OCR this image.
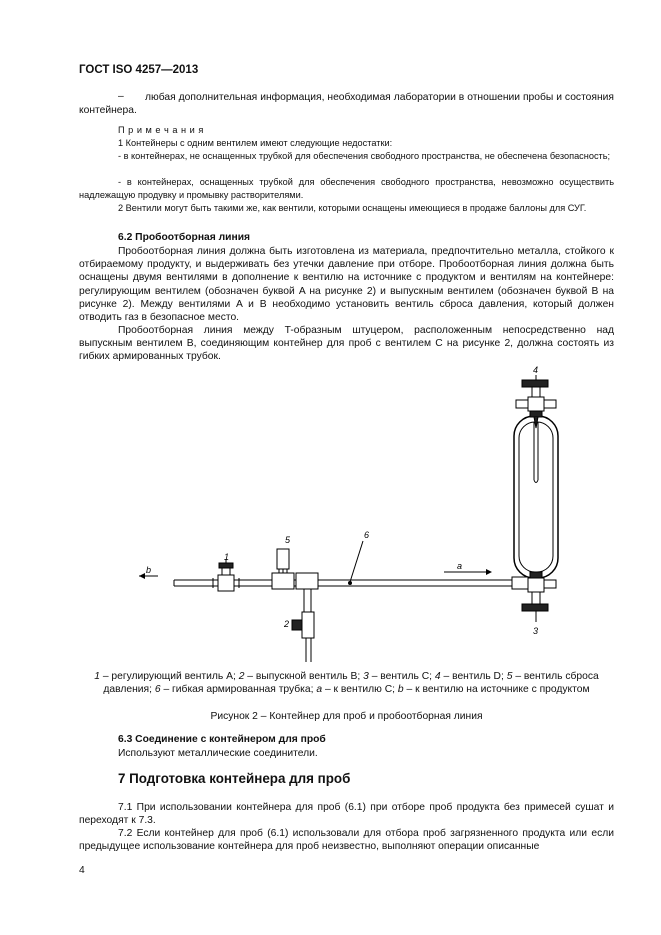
ГОСТ ISO 4257—2013
–	любая дополнительная информация, необходимая лаборатории в отношении пробы и состояния контейнера.
П р и м е ч а н и я
1 Контейнеры с одним вентилем имеют следующие недостатки:
- в контейнерах, не оснащенных трубкой для обеспечения свободного пространства, не обеспечена безопасность;
- в контейнерах, оснащенных трубкой для обеспечения свободного пространства, невозможно осуществить надлежащую продувку и промывку растворителями.
2 Вентили могут быть такими же, как вентили, которыми оснащены имеющиеся в продаже баллоны для СУГ.
6.2 Пробоотборная линия
Пробоотборная линия должна быть изготовлена из материала, предпочтительно металла, стойкого к отбираемому продукту, и выдерживать без утечки давление при отборе. Пробоотборная линия должна быть оснащены двумя вентилями в дополнение к вентилю на источнике с продуктом и вентилям на контейнере: регулирующим вентилем (обозначен буквой A на рисунке 2) и выпускным вентилем (обозначен буквой B на рисунке 2). Между вентилями A и B необходимо установить вентиль сброса давления, который должен отводить газ в безопасное место.
Пробоотборная линия между T-образным штуцером, расположенным непосредственно над выпускным вентилем B, соединяющим контейнер для проб с вентилем C на рисунке 2, должна состоять из гибких армированных трубок.
1
5
2
6
a
b
4
3
1 – регулирующий вентиль A; 2 – выпускной вентиль B; 3 – вентиль C; 4 – вентиль D; 5 – вентиль сброса давления; 6 – гибкая армированная трубка; a – к вентилю C; b – к вентилю на источнике с продуктом
Рисунок 2 – Контейнер для проб и пробоотборная линия
6.3 Соединение с контейнером для проб
Используют металлические соединители.
7 Подготовка контейнера для проб
7.1 При использовании контейнера для проб (6.1) при отборе проб продукта без примесей сушат и переходят к 7.3.
7.2 Если контейнер для проб (6.1) использовали для отбора проб загрязненного продукта или если предыдущее использование контейнера для проб неизвестно, выполняют операции описанные
4
